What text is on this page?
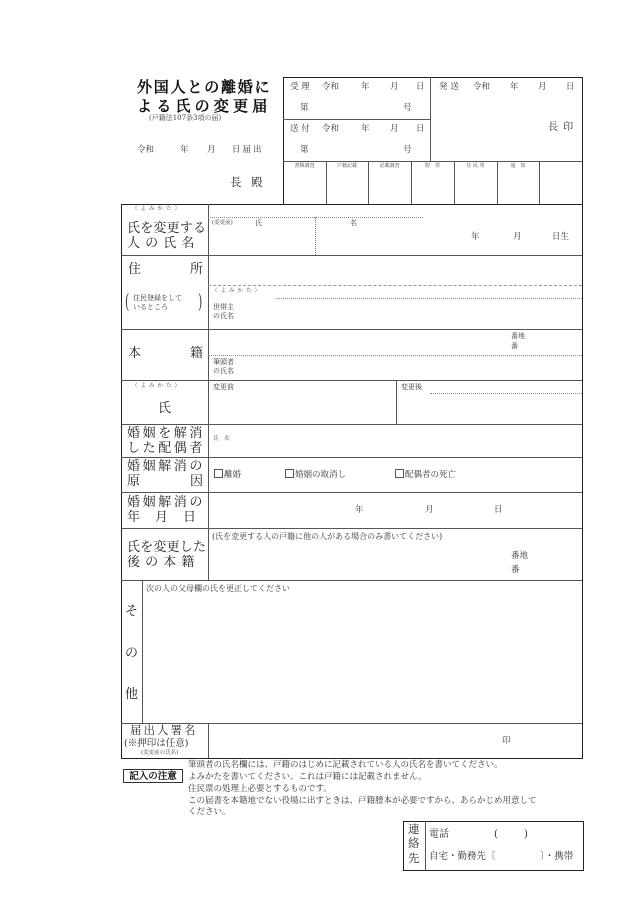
外国人との離婚に
よる氏の変更届
(戸籍法107条3項の届)
令和	年 月 日届出
長 殿
受 理 令和	年 月 日
第	号
送 付 令和	年 月 日
第	号
発 送 令和 年 月 日
長 印
書類調査	戸籍記載	記載調査	附　票	住 民 票	通　知
（よみかた）
氏を変更する
人 の 氏 名
(変更前)	氏	名
年	月	日生
住	所
( 住民登録をして
いるところ ) （よみかた）
世帯主
の氏名
本	籍
番地
番
筆頭者
の氏名
（よみかた）
氏
変更前	変更後
婚姻を解消
した配偶者
氏　名
婚姻解消の
原	因	離婚	婚姻の取消し	配偶者の死亡
婚姻解消の
年　月　日	年	月	日
氏を変更した
後 の 本 籍
(氏を変更する人の戸籍に他の人がある場合のみ書いてください)
番地
番
そ
の
他
次の人の父母欄の氏を更正してください
届出人署名
(※押印は任意)
(変更前の氏名)
印
記入の注意
筆頭者の氏名欄には、戸籍のはじめに記載されている人の氏名を書いてください。
よみかたを書いてください。これは戸籍には記載されません。
住民票の処理上必要とするものです。
この届書を本籍地でない役場に出すときは、戸籍謄本が必要ですから、あらかじめ用意して
ください。
連
絡
先
電話	(	)
自宅・勤務先〔	〕・携帯
